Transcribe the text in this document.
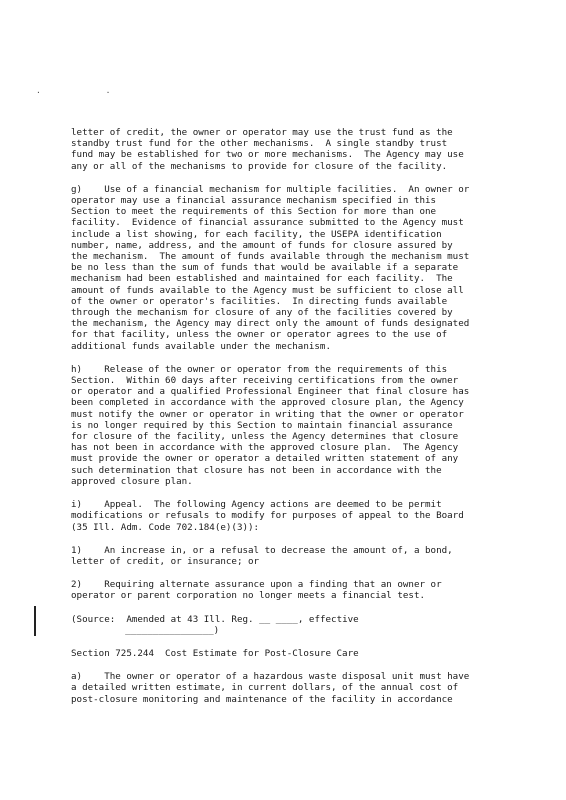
. .

letter of credit, the owner or operator may use the trust fund as the
standby trust fund for the other mechanisms.  A single standby trust
fund may be established for two or more mechanisms.  The Agency may use
any or all of the mechanisms to provide for closure of the facility.

g)    Use of a financial mechanism for multiple facilities.  An owner or
operator may use a financial assurance mechanism specified in this
Section to meet the requirements of this Section for more than one
facility.  Evidence of financial assurance submitted to the Agency must
include a list showing, for each facility, the USEPA identification
number, name, address, and the amount of funds for closure assured by
the mechanism.  The amount of funds available through the mechanism must
be no less than the sum of funds that would be available if a separate
mechanism had been established and maintained for each facility.  The
amount of funds available to the Agency must be sufficient to close all
of the owner or operator's facilities.  In directing funds available
through the mechanism for closure of any of the facilities covered by
the mechanism, the Agency may direct only the amount of funds designated
for that facility, unless the owner or operator agrees to the use of
additional funds available under the mechanism.

h)    Release of the owner or operator from the requirements of this
Section.  Within 60 days after receiving certifications from the owner
or operator and a qualified Professional Engineer that final closure has
been completed in accordance with the approved closure plan, the Agency
must notify the owner or operator in writing that the owner or operator
is no longer required by this Section to maintain financial assurance
for closure of the facility, unless the Agency determines that closure
has not been in accordance with the approved closure plan.  The Agency
must provide the owner or operator a detailed written statement of any
such determination that closure has not been in accordance with the
approved closure plan.

i)    Appeal.  The following Agency actions are deemed to be permit
modifications or refusals to modify for purposes of appeal to the Board
(35 Ill. Adm. Code 702.184(e)(3)):

1)    An increase in, or a refusal to decrease the amount of, a bond,
letter of credit, or insurance; or

2)    Requiring alternate assurance upon a finding that an owner or
operator or parent corporation no longer meets a financial test.

(Source:  Amended at 43 Ill. Reg. __ ____, effective
________________)

Section 725.244  Cost Estimate for Post-Closure Care

a)    The owner or operator of a hazardous waste disposal unit must have
a detailed written estimate, in current dollars, of the annual cost of
post-closure monitoring and maintenance of the facility in accordance
